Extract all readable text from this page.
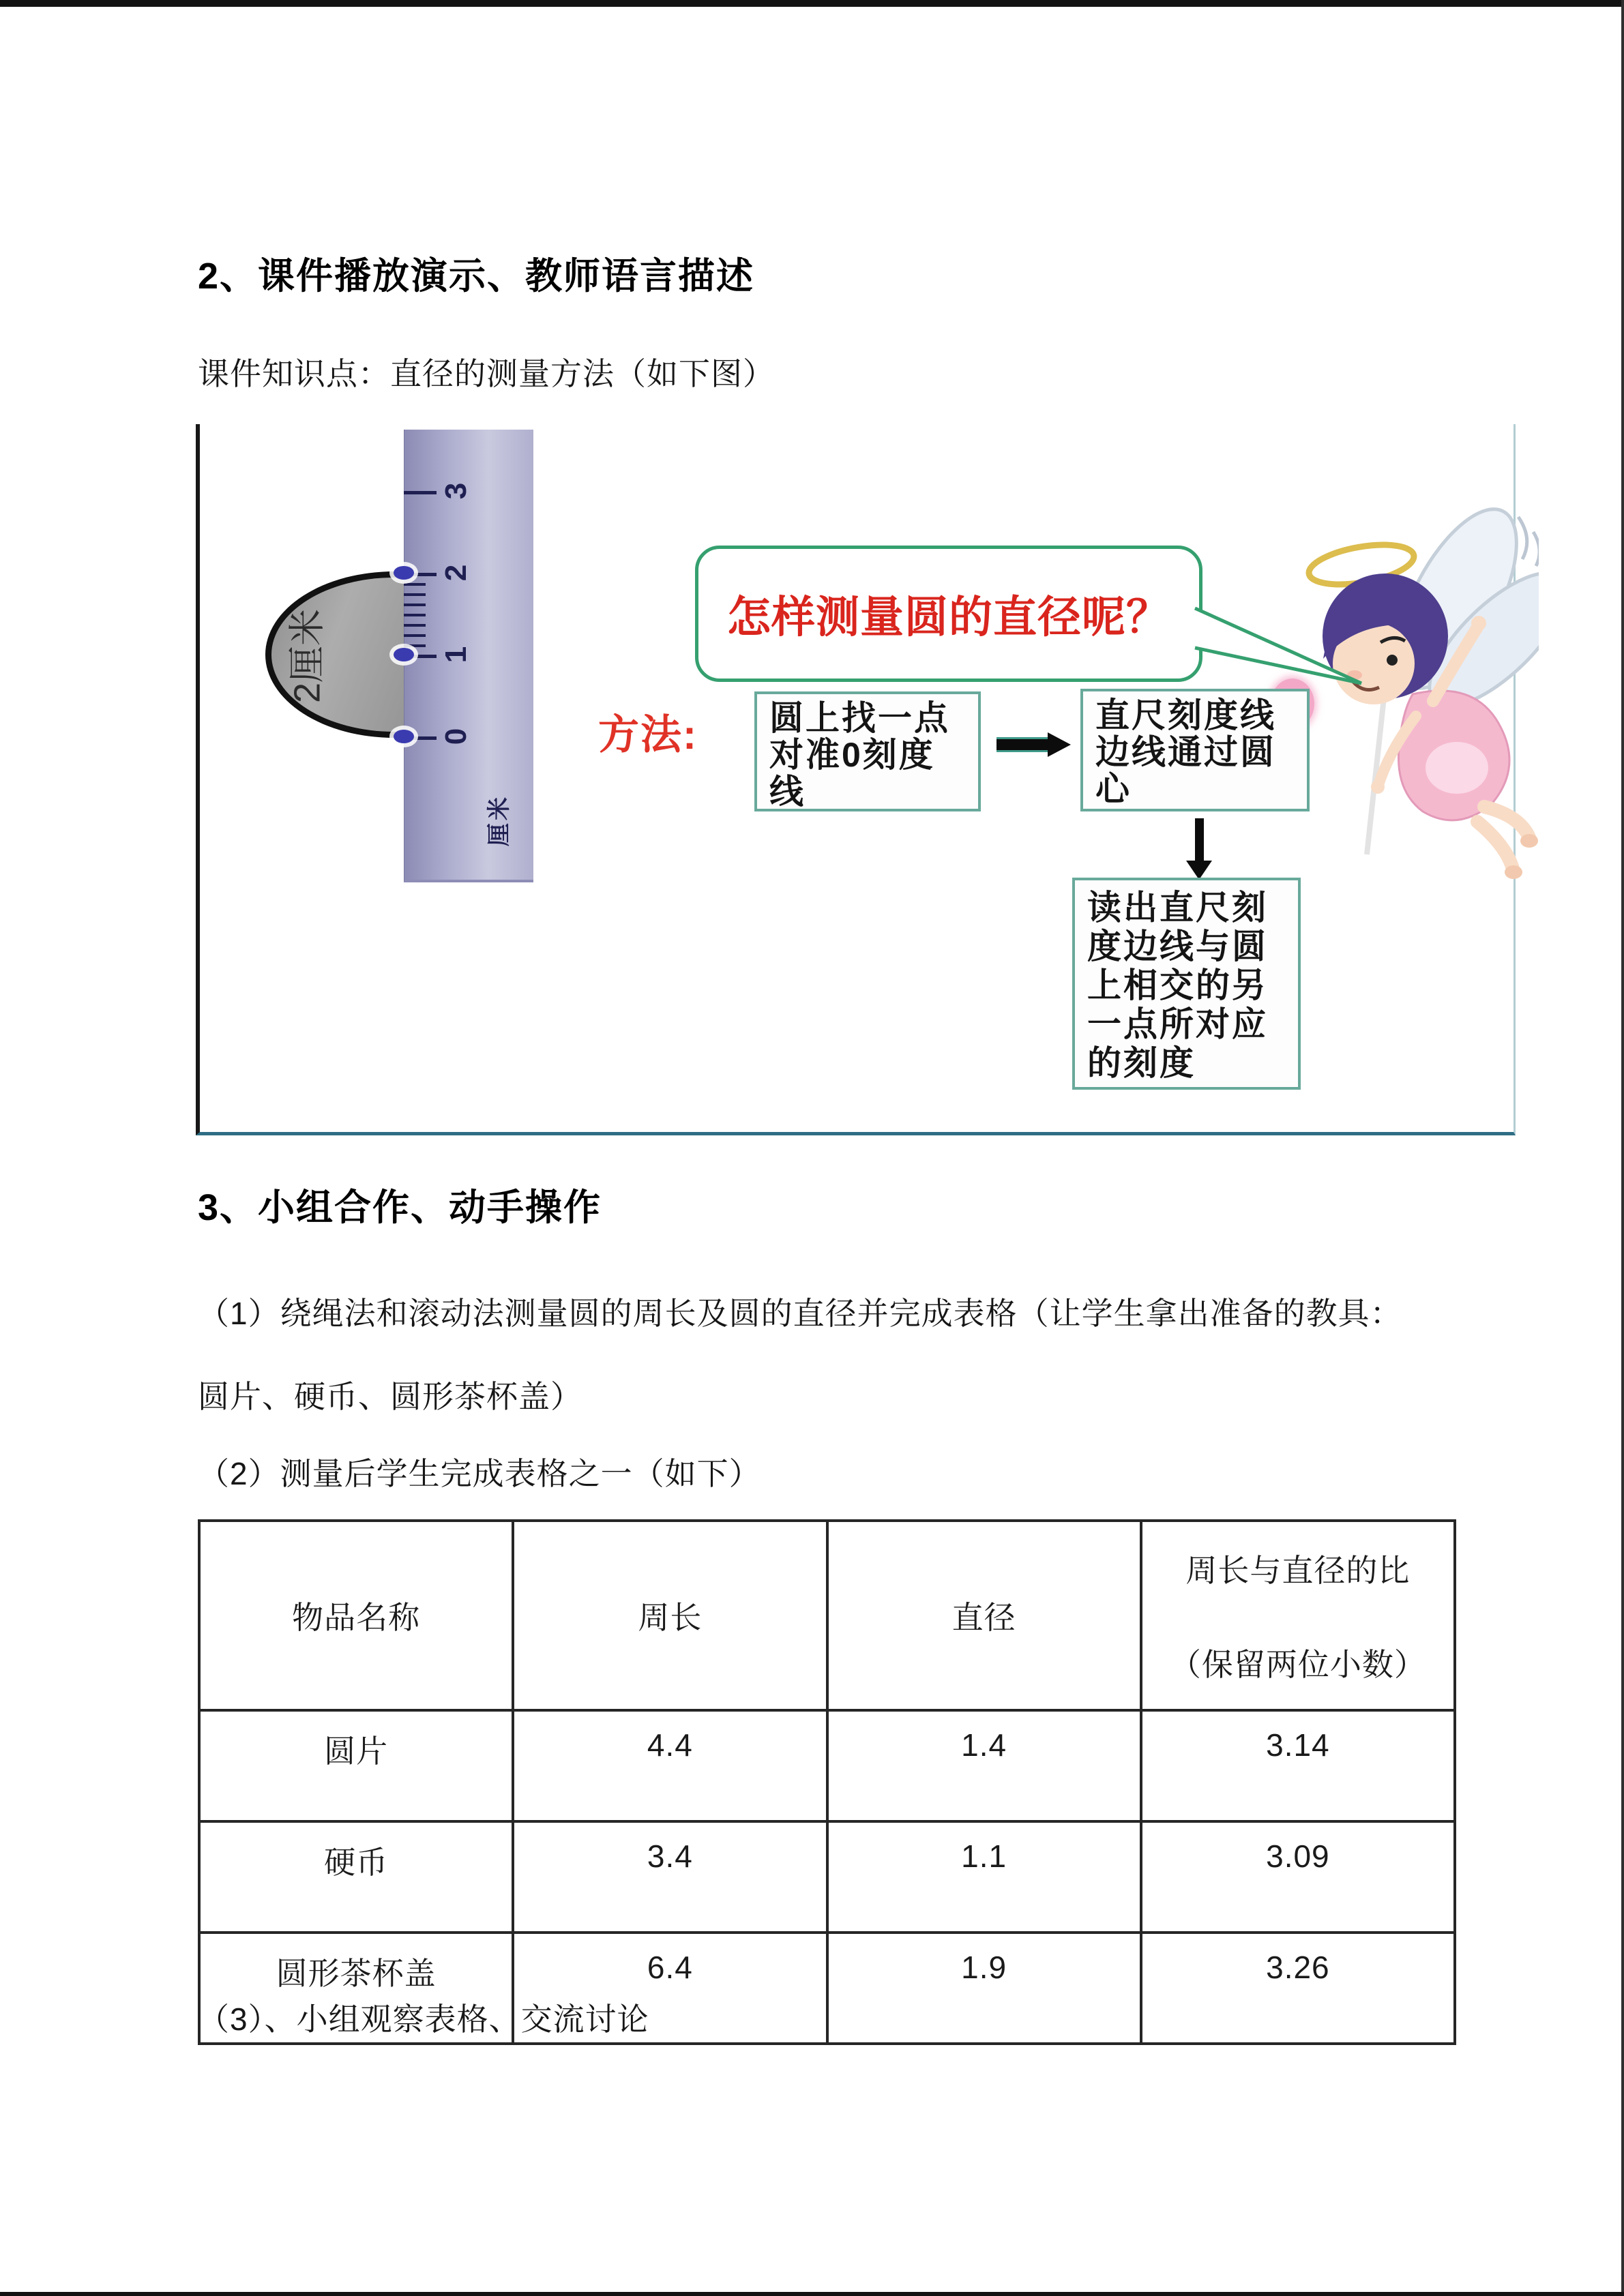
2、课件播放演示、教师语言描述
课件知识点：直径的测量方法（如下图）
3
2
1
0
厘米
2厘米	怎样测量圆的直径呢？
方法: 圆上找一点
对准0刻度
线
直尺刻度线
边线通过圆
心
读出直尺刻
度边线与圆
上相交的另
一点所对应
的刻度
3、小组合作、动手操作
（1）绕绳法和滚动法测量圆的周长及圆的直径并完成表格（让学生拿出准备的教具：
圆片、硬币、圆形茶杯盖）
（2）测量后学生完成表格之一（如下）
物品名称	周长	直径	周长与直径的比
（保留两位小数）

圆片	4.4	1.4	3.14
硬币	3.4	1.1	3.09
圆形茶杯盖	6.4	1.9	3.26
（3）、小组观察表格、交流讨论
